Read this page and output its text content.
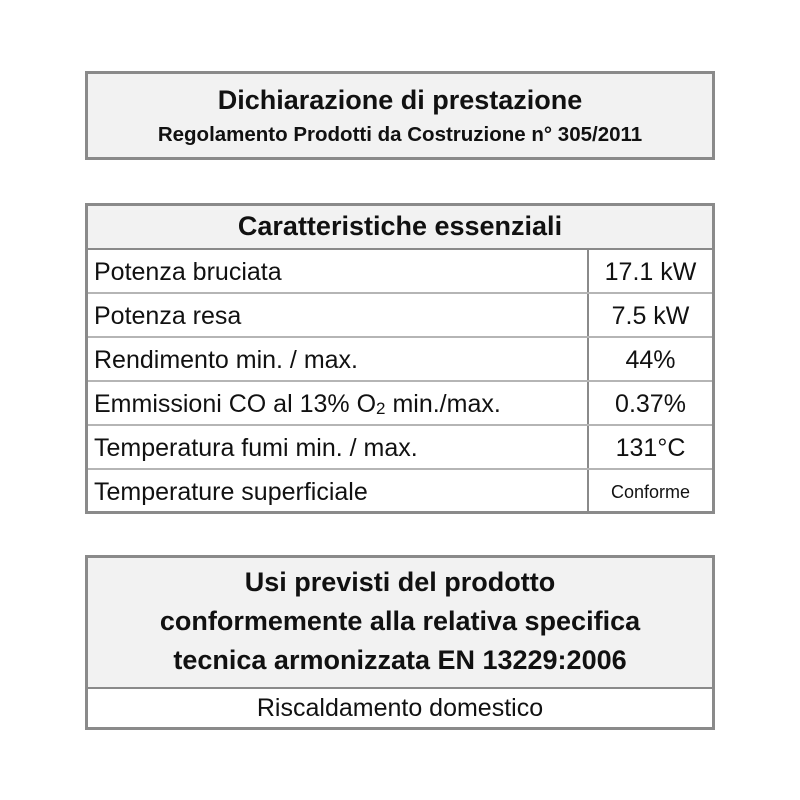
Dichiarazione di prestazione
Regolamento Prodotti da Costruzione n° 305/2011
Caratteristiche essenziali
Potenza bruciata	17.1 kW
Potenza resa	7.5 kW
Rendimento min. / max.	44%
Emmissioni CO al 13% $O_2$ min./max.	0.37%
Temperatura fumi min. / max.	131°C
Temperature superficiale	Conforme
Usi previsti del prodotto
conformemente alla relativa specifica
tecnica armonizzata EN 13229:2006
Riscaldamento domestico
